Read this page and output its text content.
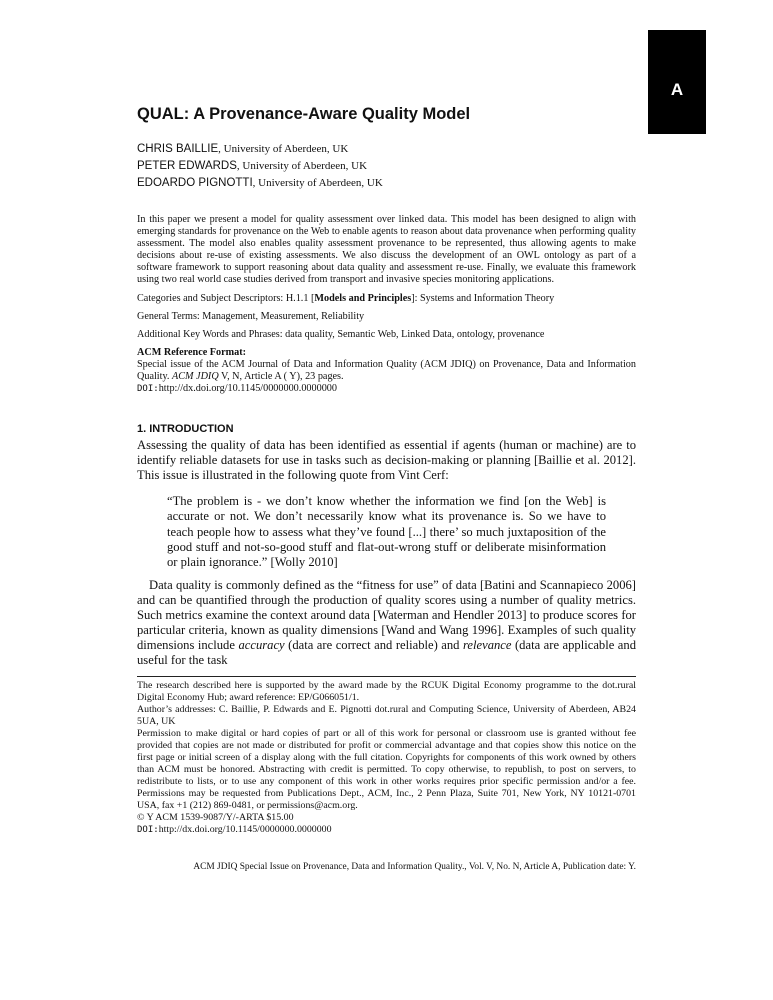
A
QUAL: A Provenance-Aware Quality Model
CHRIS BAILLIE, University of Aberdeen, UK
PETER EDWARDS, University of Aberdeen, UK
EDOARDO PIGNOTTI, University of Aberdeen, UK

In this paper we present a model for quality assessment over linked data. This model has been designed to align with emerging standards for provenance on the Web to enable agents to reason about data provenance when performing quality assessment. The model also enables quality assessment provenance to be represented, thus allowing agents to make decisions about re-use of existing assessments. We also discuss the development of an OWL ontology as part of a software framework to support reasoning about data quality and assessment re-use. Finally, we evaluate this framework using two real world case studies derived from transport and invasive species monitoring applications.

Categories and Subject Descriptors: H.1.1 [Models and Principles]: Systems and Information Theory

General Terms: Management, Measurement, Reliability

Additional Key Words and Phrases: data quality, Semantic Web, Linked Data, ontology, provenance

ACM Reference Format:

Special issue of the ACM Journal of Data and Information Quality (ACM JDIQ) on Provenance, Data and Information Quality. ACM JDIQ V, N, Article A ( Y), 23 pages.

DOI:http://dx.doi.org/10.1145/0000000.0000000

1. INTRODUCTION

Assessing the quality of data has been identified as essential if agents (human or machine) are to identify reliable datasets for use in tasks such as decision-making or planning [Baillie et al. 2012]. This issue is illustrated in the following quote from Vint Cerf:

“The problem is - we don’t know whether the information we find [on the Web] is accurate or not. We don’t necessarily know what its provenance is. So we have to teach people how to assess what they’ve found [...] there’ so much juxtaposition of the good stuff and not-so-good stuff and flat-out-wrong stuff or deliberate misinformation or plain ignorance.” [Wolly 2010]

Data quality is commonly defined as the “fitness for use” of data [Batini and Scannapieco 2006] and can be quantified through the production of quality scores using a number of quality metrics. Such metrics examine the context around data [Waterman and Hendler 2013] to produce scores for particular criteria, known as quality dimensions [Wand and Wang 1996]. Examples of such quality dimensions include accuracy (data are correct and reliable) and relevance (data are applicable and useful for the task

The research described here is supported by the award made by the RCUK Digital Economy programme to the dot.rural Digital Economy Hub; award reference: EP/G066051/1.

Author’s addresses: C. Baillie, P. Edwards and E. Pignotti dot.rural and Computing Science, University of Aberdeen, AB24 5UA, UK

Permission to make digital or hard copies of part or all of this work for personal or classroom use is granted without fee provided that copies are not made or distributed for profit or commercial advantage and that copies show this notice on the first page or initial screen of a display along with the full citation. Copyrights for components of this work owned by others than ACM must be honored. Abstracting with credit is permitted. To copy otherwise, to republish, to post on servers, to redistribute to lists, or to use any component of this work in other works requires prior specific permission and/or a fee. Permissions may be requested from Publications Dept., ACM, Inc., 2 Penn Plaza, Suite 701, New York, NY 10121-0701 USA, fax +1 (212) 869-0481, or permissions@acm.org.

© Y ACM 1539-9087/Y/-ARTA $15.00

DOI:http://dx.doi.org/10.1145/0000000.0000000

ACM JDIQ Special Issue on Provenance, Data and Information Quality., Vol. V, No. N, Article A, Publication date: Y.
